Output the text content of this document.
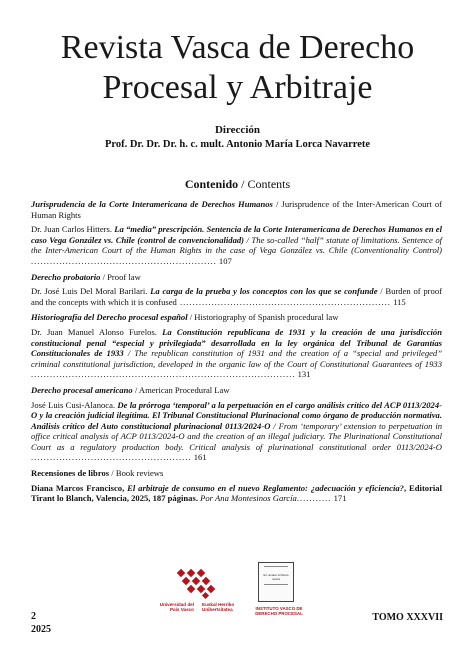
Revista Vasca de Derecho
Procesal y Arbitraje
Dirección
Prof. Dr. Dr. Dr. h. c. mult. Antonio María Lorca Navarrete
Contenido / Contents
Jurisprudencia de la Corte Interamericana de Derechos Humanos / Jurisprudence of the Inter-American Court of Human Rights
Dr. Juan Carlos Hitters. La “media” prescripción. Sentencia de la Corte Interamericana de Derechos Humanos en el caso Vega González vs. Chile (control de convencionalidad) / The so-called “half” statute of limitations. Sentence of the Inter-American Court of the Human Rights in the case of Vega González vs. Chile (Conventionality Control) ........................................................... 107
Derecho probatorio / Proof law
Dr. José Luis Del Moral Barilari. La carga de la prueba y los conceptos con los que se confunde / Burden of proof and the concepts with which it is confused ................................................................... 115
Historiografía del Derecho procesal español / Historiography of Spanish procedural law
Dr. Juan Manuel Alonso Furelos. La Constitución republicana de 1931 y la creación de una jurisdicción constitucional penal “especial y privilegiada” desarrollada en la ley orgánica del Tribunal de Garantías Constitucionales de 1933 / The republican constitution of 1931 and the creation of a “special and privileged” criminal constitutional jurisdiction, developed in the organic law of the Court of Constitutional Guarantees of 1933 .................................................................................... 131
Derecho procesal americano / American Procedural Law
José Luis Cusi-Alanoca. De la prórroga ‘temporal’ a la perpetuación en el cargo análisis crítico del ACP 0113/2024-O y la creación judicial ilegítima. El Tribunal Constitucional Plurinacional como órgano de producción normativa. Análisis crítico del Auto constitucional plurinacional 0113/2024-O / From ‘temporary’ extension to perpetuation in office critical analysis of ACP 0113/2024-O and the creation of an illegal judiciary. The Plurinational Constitutional Court as a regulatory production body. Critical analysis of plurinational constitutional order 0113/2024-O ................................................... 161
Recensiones de libros / Book reviews
Diana Marcos Francisco, El arbitraje de consumo en el nuevo Reglamento: ¿adecuación y eficiencia?, Editorial Tirant lo Blanch, Valencia, 2025, 187 páginas. Por Ana Montesinos García........... 171
2
2025
Universidad del País Vasco
Euskal Herriko Unibertsitatea
Ex unitate fortitudo nostra
INSTITUTO VASCO DE DERECHO PROCESAL	TOMO XXXVII
